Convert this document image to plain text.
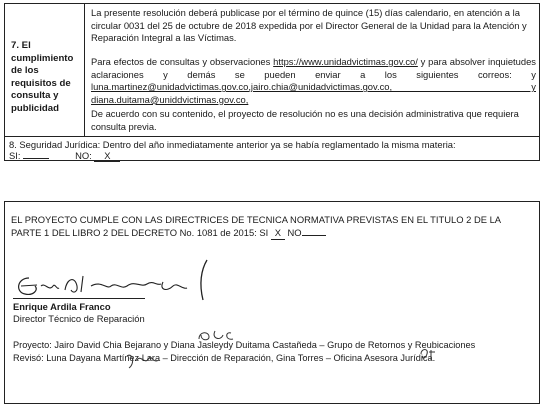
7. El cumplimiento de los requisitos de consulta y publicidad

La presente resolución deberá publicase por el término de quince (15) días calendario, en atención a la circular 0031 del 25 de octubre de 2018 expedida por el Director General de la Unidad para la Atención y Reparación Integral a las Víctimas.

Para efectos de consultas y observaciones https://www.unidadvictimas.gov.co/ y para absolver inquietudes aclaraciones y demás se pueden enviar a los siguientes correos: y luna.martinez@unidadvictimas.gov.co,jairo.chia@unidadvictimas.gov.co, y diana.duitama@uniddvictimas.gov.co,

De acuerdo con su contenido, el proyecto de resolución no es una decisión administrativa que requiera consulta previa.

8. Seguridad Jurídica: Dentro del año inmediatamente anterior ya se había reglamentado la misma materia:
SI:	NO: X

EL PROYECTO CUMPLE CON LAS DIRECTRICES DE TECNICA NORMATIVA PREVISTAS EN EL TITULO 2 DE LA PARTE 1 DEL LIBRO 2 DEL DECRETO No. 1081 de 2015: SI X NO

Enrique Ardila Franco
Director Técnico de Reparación
Proyecto: Jairo David Chia Bejarano y Diana Jasleydy Duitama Castañeda – Grupo de Retornos y Reubicaciones
Revisó: Luna Dayana Martínez Lara – Dirección de Reparación, Gina Torres – Oficina Asesora Jurídica.
